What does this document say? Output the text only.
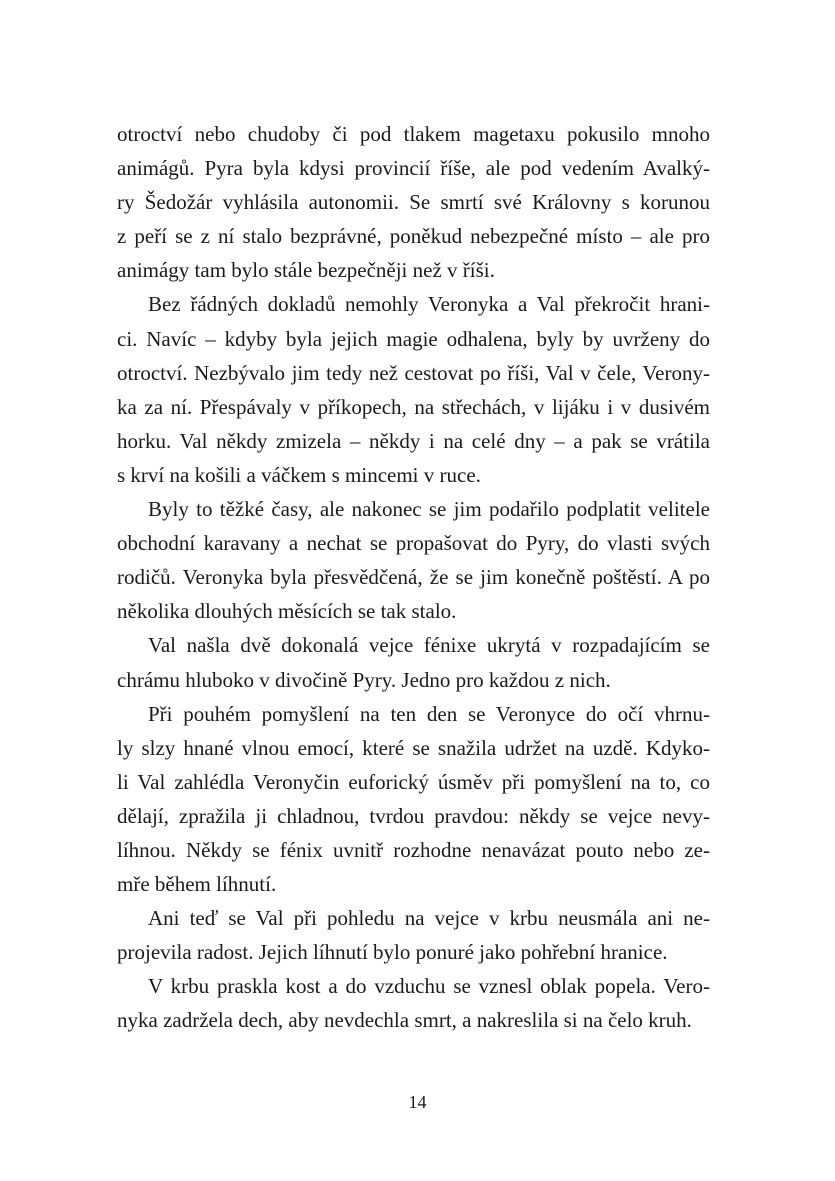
otroctví nebo chudoby či pod tlakem magetaxu pokusilo mnoho
animágů. Pyra byla kdysi provincií říše, ale pod vedením Avalký-
ry Šedožár vyhlásila autonomii. Se smrtí své Královny s korunou
z peří se z ní stalo bezprávné, poněkud nebezpečné místo – ale pro
animágy tam bylo stále bezpečněji než v říši.
Bez řádných dokladů nemohly Veronyka a Val překročit hrani-
ci. Navíc – kdyby byla jejich magie odhalena, byly by uvrženy do
otroctví. Nezbývalo jim tedy než cestovat po říši, Val v čele, Verony-
ka za ní. Přespávaly v příkopech, na střechách, v lijáku i v dusivém
horku. Val někdy zmizela – někdy i na celé dny – a pak se vrátila
s krví na košili a váčkem s mincemi v ruce.
Byly to těžké časy, ale nakonec se jim podařilo podplatit velitele
obchodní karavany a nechat se propašovat do Pyry, do vlasti svých
rodičů. Veronyka byla přesvědčená, že se jim konečně poštěstí. A po
několika dlouhých měsících se tak stalo.
Val našla dvě dokonalá vejce fénixe ukrytá v rozpadajícím se
chrámu hluboko v divočině Pyry. Jedno pro každou z nich.
Při pouhém pomyšlení na ten den se Veronyce do očí vhrnu-
ly slzy hnané vlnou emocí, které se snažila udržet na uzdě. Kdyko-
li Val zahlédla Veronyčin euforický úsměv při pomyšlení na to, co
dělají, zpražila ji chladnou, tvrdou pravdou: někdy se vejce nevy-
líhnou. Někdy se fénix uvnitř rozhodne nenavázat pouto nebo ze-
mře během líhnutí.
Ani teď se Val při pohledu na vejce v krbu neusmála ani ne-
projevila radost. Jejich líhnutí bylo ponuré jako pohřební hranice.
V krbu praskla kost a do vzduchu se vznesl oblak popela. Vero-
nyka zadržela dech, aby nevdechla smrt, a nakreslila si na čelo kruh.
14
